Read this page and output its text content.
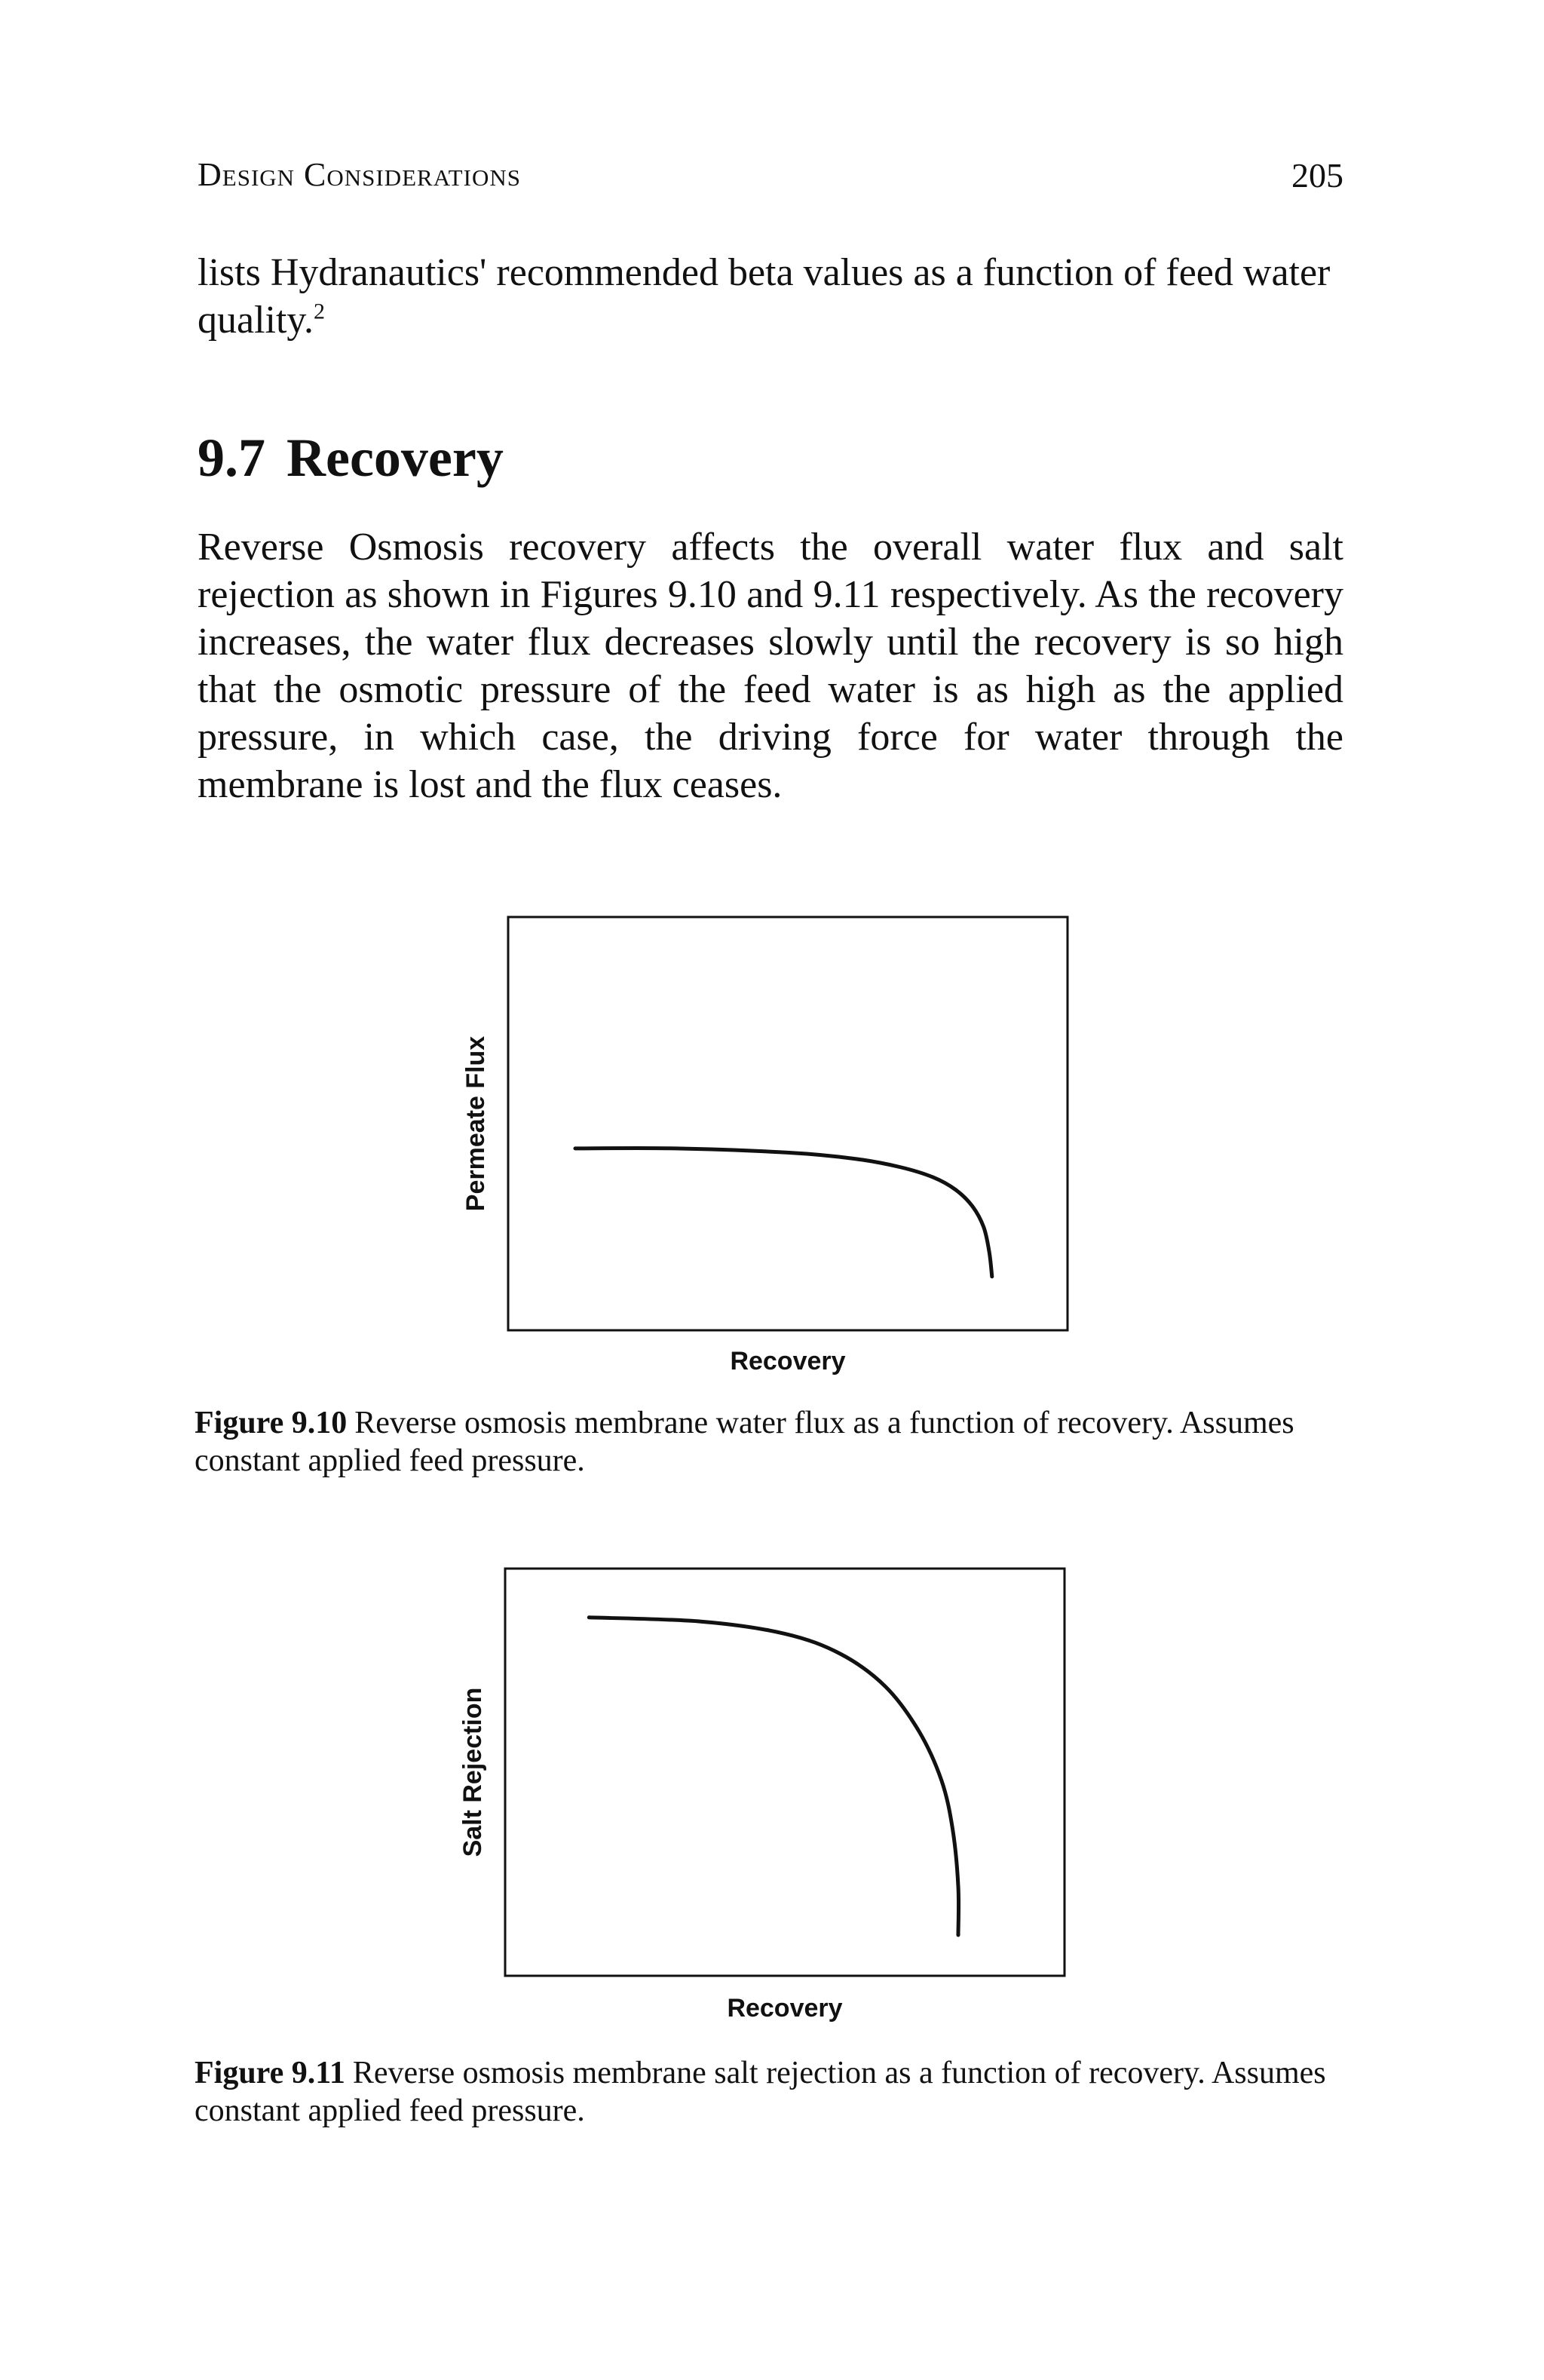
Design Considerations	205

lists Hydranautics' recommended beta values as a function of feed water quality.$^2$

9.7 Recovery

Reverse Osmosis recovery affects the overall water flux and salt rejection as shown in Figures 9.10 and 9.11 respectively. As the recovery increases, the water flux decreases slowly until the recovery is so high that the osmotic pressure of the feed water is as high as the applied pressure, in which case, the driving force for water through the membrane is lost and the flux ceases.

Permeate Flux
Recovery

Figure 9.10 Reverse osmosis membrane water flux as a function of recovery. Assumes constant applied feed pressure.

Salt Rejection
Recovery

Figure 9.11 Reverse osmosis membrane salt rejection as a function of recovery. Assumes constant applied feed pressure.
